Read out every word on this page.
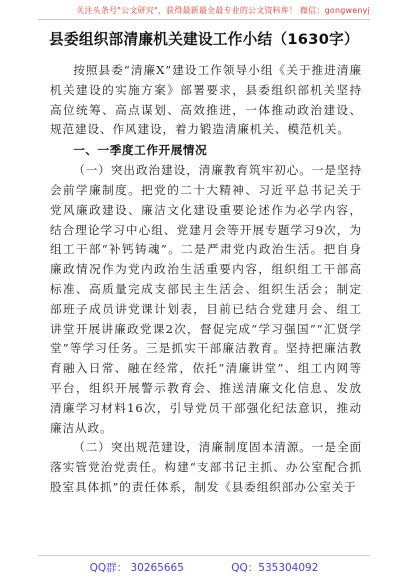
关注头条号"公文研究"，获得最新最全最专业的公文资料库！ 微信：gongwenyj
县委组织部清廉机关建设工作小结（1630字）

按照县委“清廉X”建设工作领导小组《关于推进清廉机关建设的实施方案》部署要求，县委组织部机关坚持高位统筹、高点谋划、高效推进，一体推动政治建设、规范建设、作风建设，着力锻造清廉机关、模范机关。

一、一季度工作开展情况

（一）突出政治建设，清廉教育筑牢初心。一是坚持会前学廉制度。把党的二十大精神、习近平总书记关于党风廉政建设、廉洁文化建设重要论述作为必学内容，结合理论学习中心组、党建月会等开展专题学习9次，为组工干部“补钙铸魂”。二是严肃党内政治生活。把自身廉政情况作为党内政治生活重要内容，组织组工干部高标准、高质量完成支部民主生活会、组织生活会；制定部班子成员讲党课计划表，目前已结合党建月会、组工讲堂开展讲廉政党课2次，督促完成“学习强国”“汇贤学堂”等学习任务。三是抓实干部廉洁教育。坚持把廉洁教育融入日常、融在经常，依托“清廉讲堂”、组工内网等平台，组织开展警示教育会、推送清廉文化信息、发放清廉学习材料16次，引导党员干部强化纪法意识，推动廉洁从政。

（二）突出规范建设，清廉制度固本清源。一是全面落实管党治党责任。构建“支部书记主抓、办公室配合抓股室具体抓”的责任体系，制发《县委组织部办公室关于

QQ群： 30265665	QQ：535304092
